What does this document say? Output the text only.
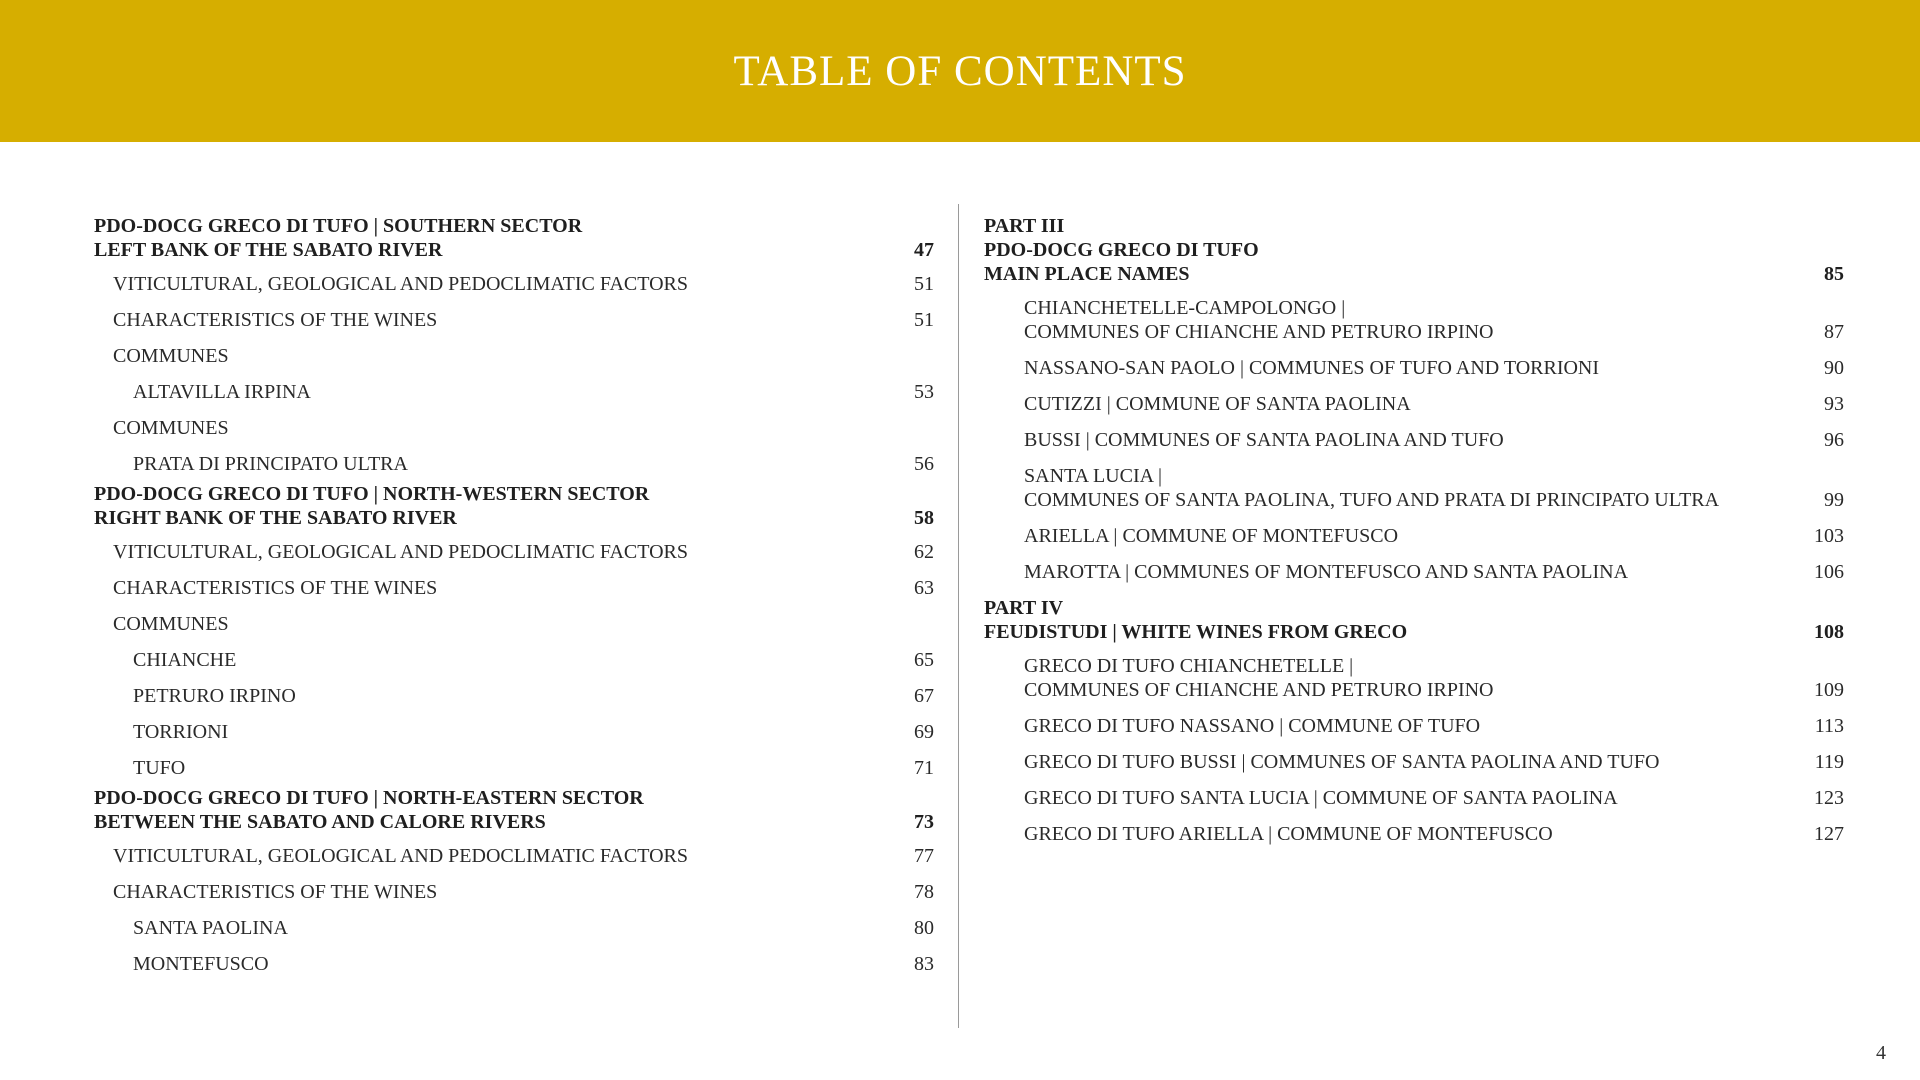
TABLE OF CONTENTS
PDO-DOCG GRECO DI TUFO | SOUTHERN SECTOR
LEFT BANK OF THE SABATO RIVER	47
VITICULTURAL, GEOLOGICAL AND PEDOCLIMATIC FACTORS	51
CHARACTERISTICS OF THE WINES	51
COMMUNES
ALTAVILLA IRPINA	53
COMMUNES
PRATA DI PRINCIPATO ULTRA	56
PDO-DOCG GRECO DI TUFO | NORTH-WESTERN SECTOR
RIGHT BANK OF THE SABATO RIVER	58
VITICULTURAL, GEOLOGICAL AND PEDOCLIMATIC FACTORS	62
CHARACTERISTICS OF THE WINES	63
COMMUNES
CHIANCHE	65
PETRURO IRPINO	67
TORRIONI	69
TUFO	71
PDO-DOCG GRECO DI TUFO | NORTH-EASTERN SECTOR
BETWEEN THE SABATO AND CALORE RIVERS	73
VITICULTURAL, GEOLOGICAL AND PEDOCLIMATIC FACTORS	77
CHARACTERISTICS OF THE WINES	78
SANTA PAOLINA	80
MONTEFUSCO	83
PART III
PDO-DOCG GRECO DI TUFO
MAIN PLACE NAMES	85
CHIANCHETELLE-CAMPOLONGO |
COMMUNES OF CHIANCHE AND PETRURO IRPINO	87
NASSANO-SAN PAOLO | COMMUNES OF TUFO AND TORRIONI	90
CUTIZZI | COMMUNE OF SANTA PAOLINA	93
BUSSI | COMMUNES OF SANTA PAOLINA AND TUFO	96
SANTA LUCIA |
COMMUNES OF SANTA PAOLINA, TUFO AND PRATA DI PRINCIPATO ULTRA	99
ARIELLA | COMMUNE OF MONTEFUSCO	103
MAROTTA | COMMUNES OF MONTEFUSCO AND SANTA PAOLINA	106
PART IV
FEUDISTUDI | WHITE WINES FROM GRECO	108
GRECO DI TUFO CHIANCHETELLE |
COMMUNES OF CHIANCHE AND PETRURO IRPINO	109
GRECO DI TUFO NASSANO | COMMUNE OF TUFO	113
GRECO DI TUFO BUSSI | COMMUNES OF SANTA PAOLINA AND TUFO	119
GRECO DI TUFO SANTA LUCIA | COMMUNE OF SANTA PAOLINA	123
GRECO DI TUFO ARIELLA | COMMUNE OF MONTEFUSCO	127
4
